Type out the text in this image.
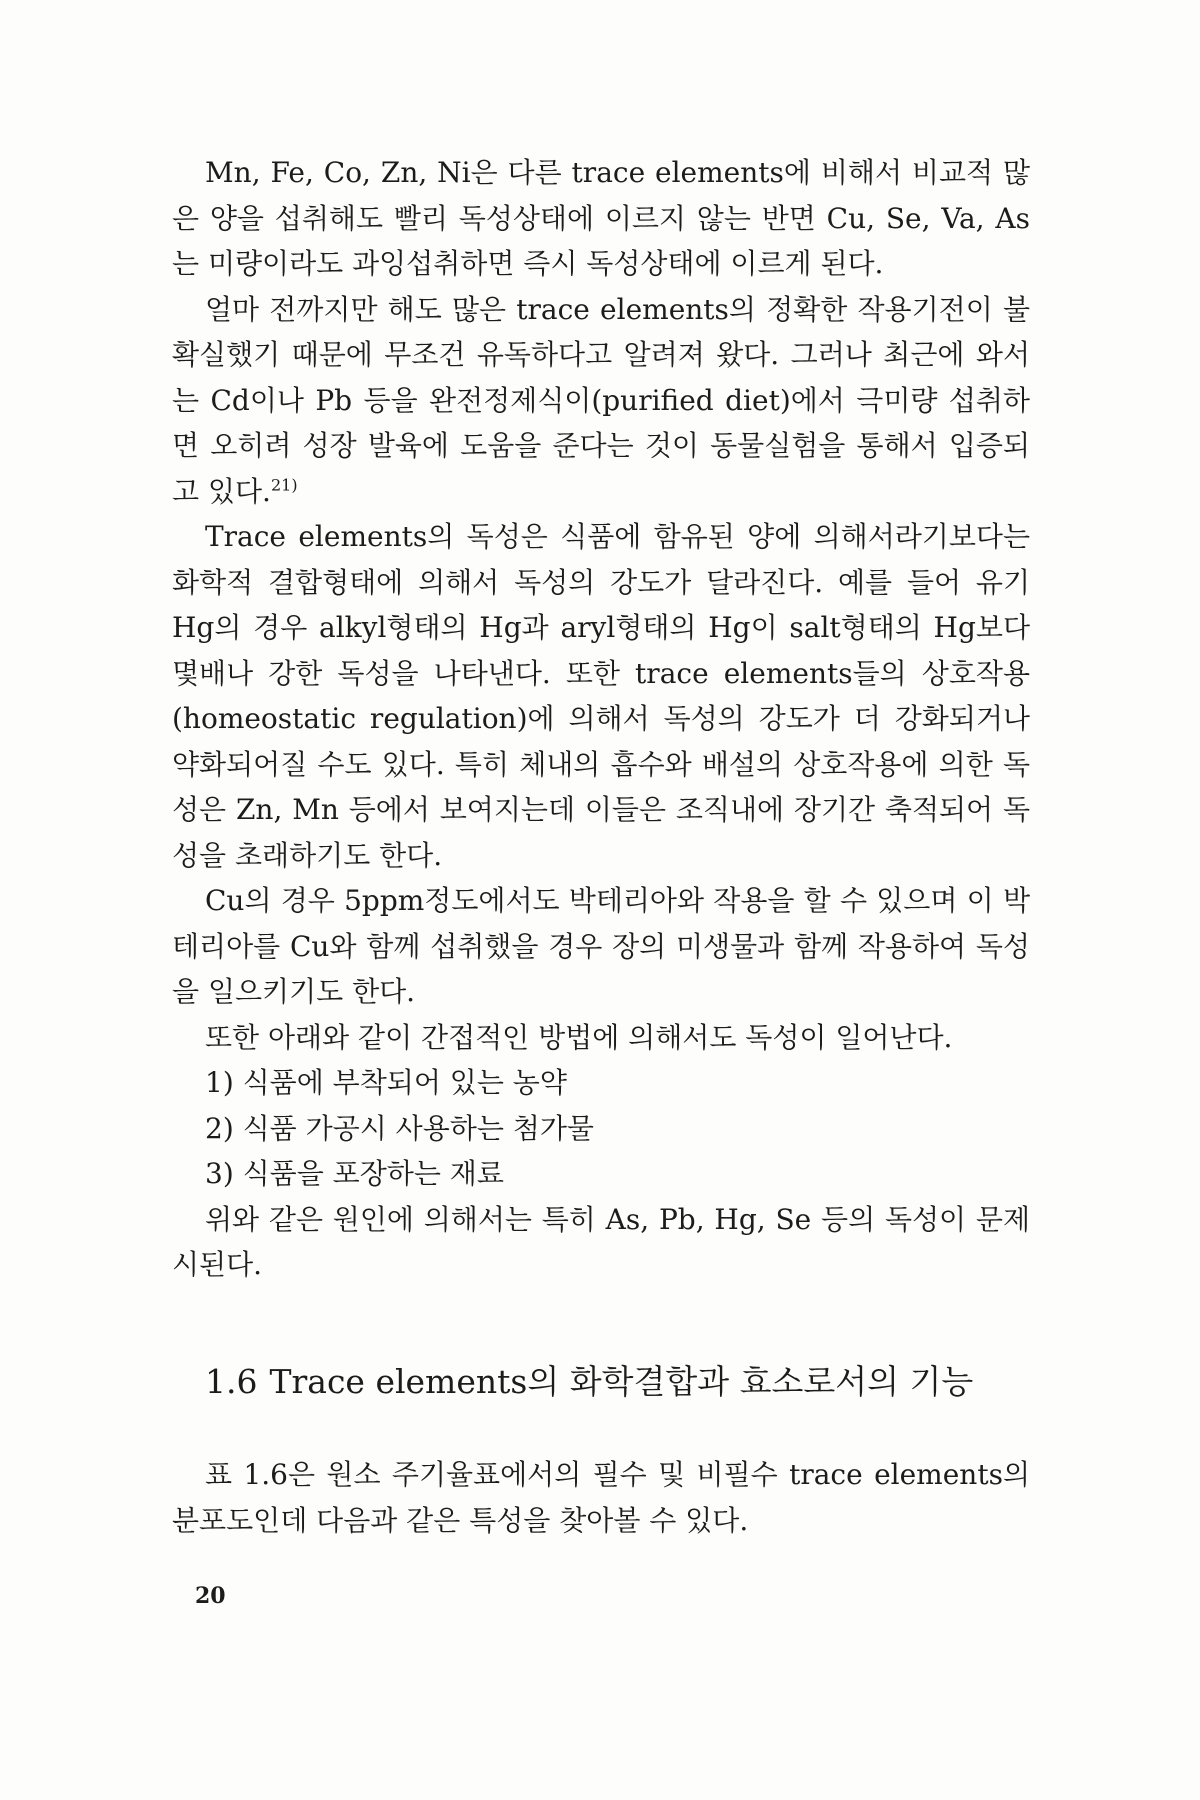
Mn, Fe, Co, Zn, Ni은 다른 trace elements에 비해서 비교적 많은 양을 섭취해도 빨리 독성상태에 이르지 않는 반면 Cu, Se, Va, As는 미량이라도 과잉섭취하면 즉시 독성상태에 이르게 된다.

얼마 전까지만 해도 많은 trace elements의 정확한 작용기전이 불확실했기 때문에 무조건 유독하다고 알려져 왔다. 그러나 최근에 와서는 Cd이나 Pb 등을 완전정제식이(purified diet)에서 극미량 섭취하면 오히려 성장 발육에 도움을 준다는 것이 동물실험을 통해서 입증되고 있다.$^{21)}$

Trace elements의 독성은 식품에 함유된 양에 의해서라기보다는 화학적 결합형태에 의해서 독성의 강도가 달라진다. 예를 들어 유기 Hg의 경우 alkyl형태의 Hg과 aryl형태의 Hg이 salt형태의 Hg보다 몇배나 강한 독성을 나타낸다. 또한 trace elements들의 상호작용(homeostatic regulation)에 의해서 독성의 강도가 더 강화되거나 약화되어질 수도 있다. 특히 체내의 흡수와 배설의 상호작용에 의한 독성은 Zn, Mn 등에서 보여지는데 이들은 조직내에 장기간 축적되어 독성을 초래하기도 한다.

Cu의 경우 5ppm정도에서도 박테리아와 작용을 할 수 있으며 이 박테리아를 Cu와 함께 섭취했을 경우 장의 미생물과 함께 작용하여 독성을 일으키기도 한다.

또한 아래와 같이 간접적인 방법에 의해서도 독성이 일어난다.

1) 식품에 부착되어 있는 농약

2) 식품 가공시 사용하는 첨가물

3) 식품을 포장하는 재료

위와 같은 원인에 의해서는 특히 As, Pb, Hg, Se 등의 독성이 문제시된다.

1.6 Trace elements의 화학결합과 효소로서의 기능

표 1.6은 원소 주기율표에서의 필수 및 비필수 trace elements의 분포도인데 다음과 같은 특성을 찾아볼 수 있다.

20
